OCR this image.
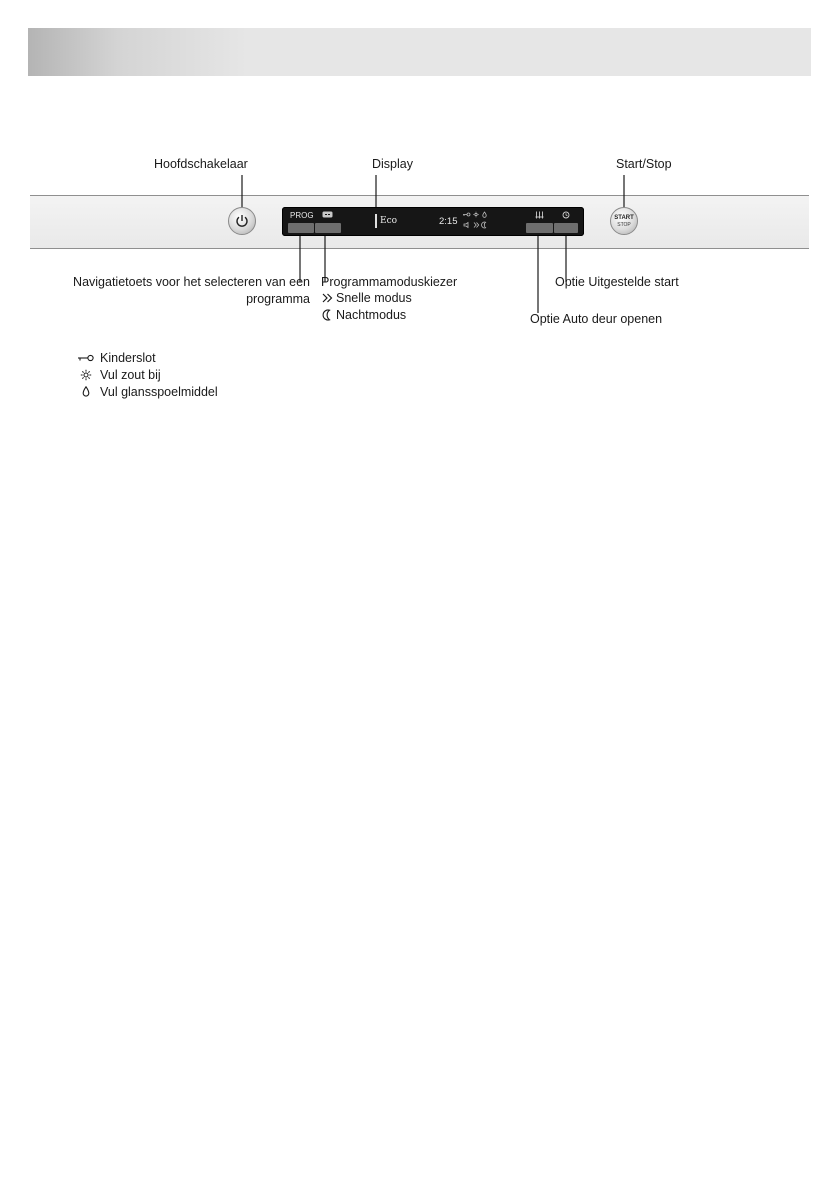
Hoofdschakelaar	Display	Start/Stop
PROG
Eco	2:15	START
STOP
Navigatietoets voor het selecteren van een
programma
Programmamoduskiezer
Snelle modus
Nachtmodus
Optie Uitgestelde start
Optie Auto deur openen
Kinderslot
Vul zout bij
Vul glansspoelmiddel
